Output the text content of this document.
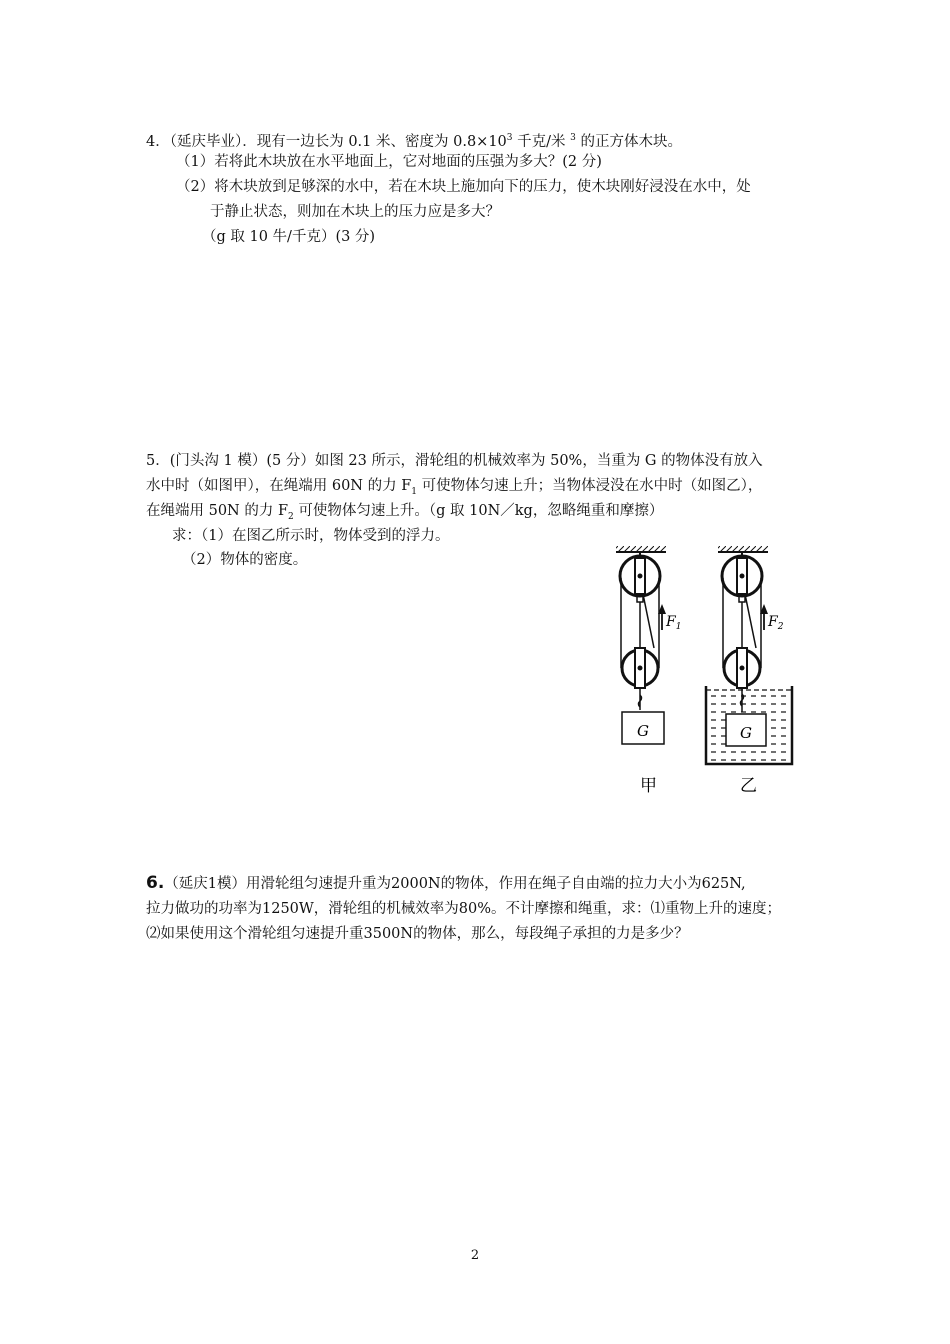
4．（延庆毕业）．现有一边长为 0.1 米、密度为 $0.8\times 10^3$ 千克/米 $^3$ 的正方体木块。
（1）若将此木块放在水平地面上，它对地面的压强为多大？(2 分)
（2）将木块放到足够深的水中，若在木块上施加向下的压力，使木块刚好浸没在水中，处
于静止状态，则加在木块上的压力应是多大？
（g 取 10 牛/千克）(3 分)
5．(门头沟 1 模）(5 分）如图 23 所示，滑轮组的机械效率为 50%，当重为 G 的物体没有放入
水中时（如图甲），在绳端用 60N 的力 $F_1$ 可使物体匀速上升；当物体浸没在水中时（如图乙），
在绳端用 50N 的力 $F_2$ 可使物体匀速上升。（g 取 10N／kg，忽略绳重和摩擦）
求：（1）在图乙所示时，物体受到的浮力。
（2）物体的密度。
$F_1$	$F_2$
G	G
甲	乙
6.（延庆1模）用滑轮组匀速提升重为2000N的物体，作用在绳子自由端的拉力大小为625N,
拉力做功的功率为1250W，滑轮组的机械效率为80%。不计摩擦和绳重，求：⑴重物上升的速度；
⑵如果使用这个滑轮组匀速提升重3500N的物体，那么，每段绳子承担的力是多少？
2
